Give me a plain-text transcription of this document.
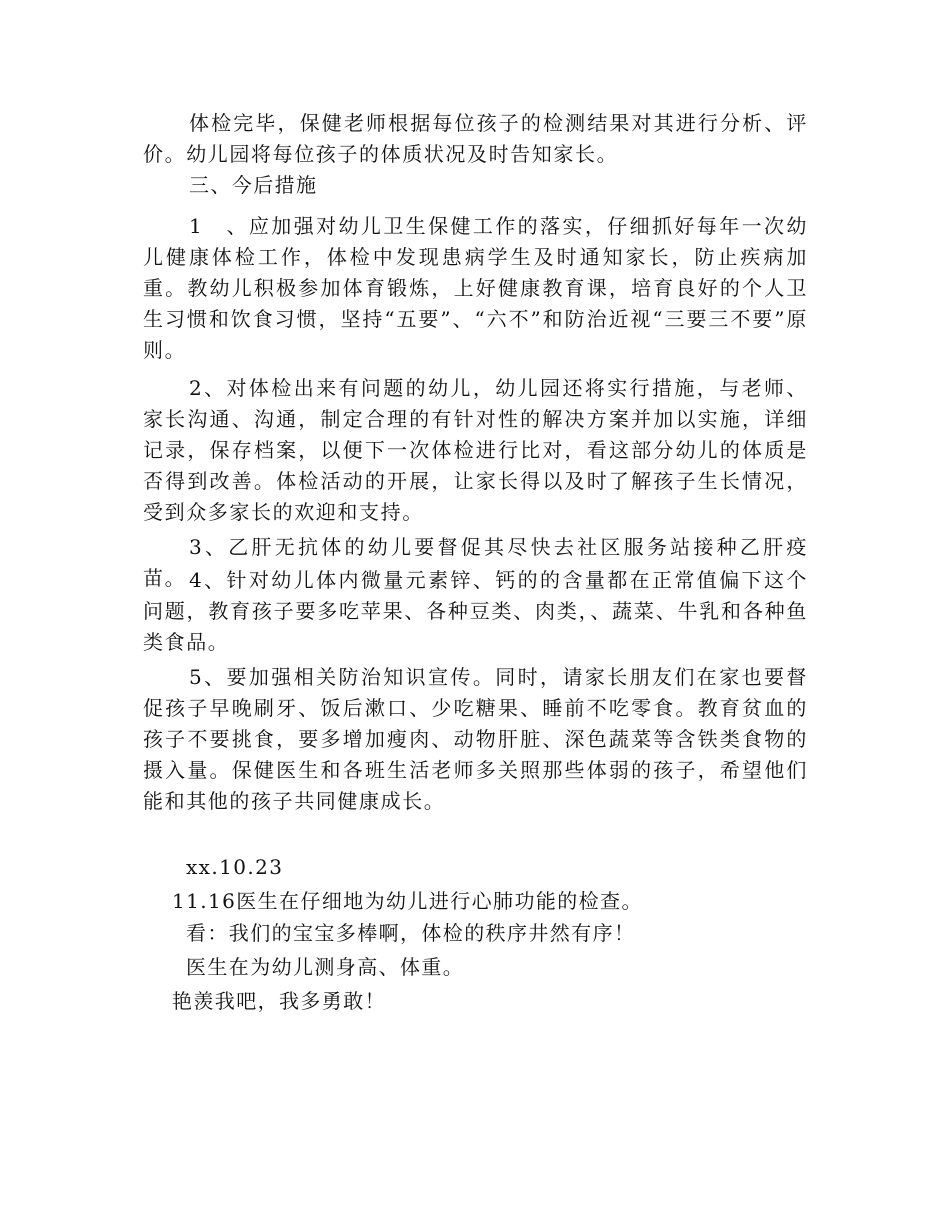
体检完毕，保健老师根据每位孩子的检测结果对其进行分析、评价。幼儿园将每位孩子的体质状况及时告知家长。

三、今后措施

1　、应加强对幼儿卫生保健工作的落实，仔细抓好每年一次幼儿健康体检工作，体检中发现患病学生及时通知家长，防止疾病加重。教幼儿积极参加体育锻炼，上好健康教育课，培育良好的个人卫生习惯和饮食习惯，坚持“五要”、“六不”和防治近视“三要三不要”原则。

2、对体检出来有问题的幼儿，幼儿园还将实行措施，与老师、家长沟通、沟通，制定合理的有针对性的解决方案并加以实施，详细记录，保存档案，以便下一次体检进行比对，看这部分幼儿的体质是否得到改善。体检活动的开展，让家长得以及时了解孩子生长情况，受到众多家长的欢迎和支持。

3、乙肝无抗体的幼儿要督促其尽快去社区服务站接种乙肝疫苗。 4、针对幼儿体内微量元素锌、钙的的含量都在正常值偏下这个问题，教育孩子要多吃苹果、各种豆类、肉类，、蔬菜、牛乳和各种鱼类食品。

5、要加强相关防治知识宣传。同时，请家长朋友们在家也要督促孩子早晚刷牙、饭后漱口、少吃糖果、睡前不吃零食。教育贫血的孩子不要挑食，要多增加瘦肉、动物肝脏、深色蔬菜等含铁类食物的摄入量。保健医生和各班生活老师多关照那些体弱的孩子，希望他们能和其他的孩子共同健康成长。

xx.10.23

11.16医生在仔细地为幼儿进行心肺功能的检查。

看：我们的宝宝多棒啊，体检的秩序井然有序！

医生在为幼儿测身高、体重。

艳羡我吧，我多勇敢！
